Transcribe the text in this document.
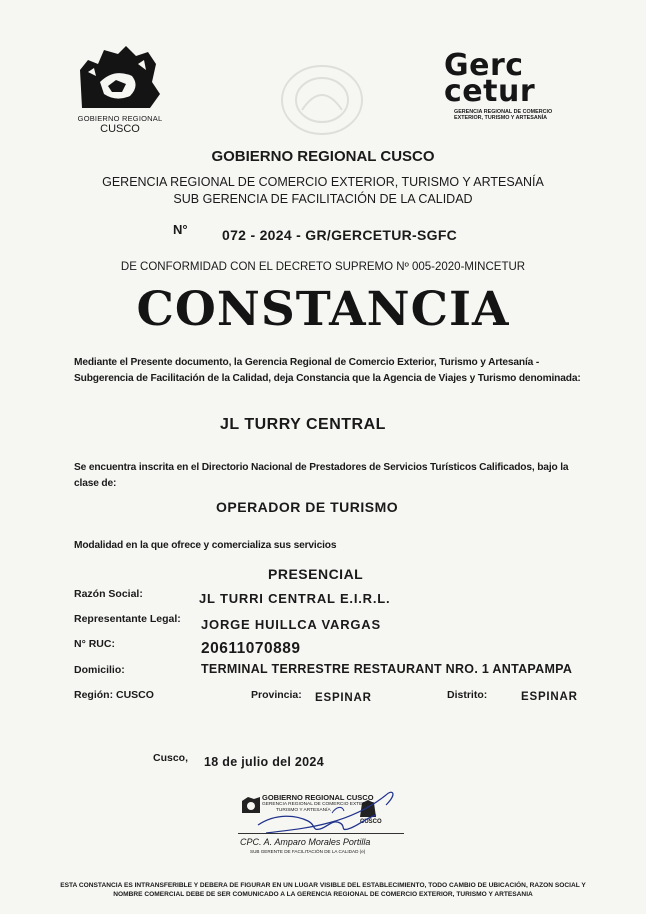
GOBIERNO REGIONAL
CUSCO
Gerc
cetur
GERENCIA REGIONAL DE COMERCIO
EXTERIOR, TURISMO Y ARTESANÍA
GOBIERNO REGIONAL CUSCO
GERENCIA REGIONAL DE COMERCIO EXTERIOR, TURISMO Y ARTESANÍA
SUB GERENCIA DE FACILITACIÓN DE LA CALIDAD
N° 072 - 2024 - GR/GERCETUR-SGFC
DE CONFORMIDAD CON EL DECRETO SUPREMO Nº 005-2020-MINCETUR
CONSTANCIA
Mediante el Presente documento, la Gerencia Regional de Comercio Exterior, Turismo y Artesanía - Subgerencia de Facilitación de la Calidad, deja Constancia que la Agencia de Viajes y Turismo denominada:
JL TURRY CENTRAL
Se encuentra inscrita en el Directorio Nacional de Prestadores de Servicios Turísticos Calificados, bajo la clase de:
OPERADOR DE TURISMO
Modalidad en la que ofrece y comercializa sus servicios
PRESENCIAL
Razón Social:	JL TURRI CENTRAL E.I.R.L.
Representante Legal: JORGE HUILLCA VARGAS
N° RUC:	20611070889
Domicilio:	TERMINAL TERRESTRE RESTAURANT NRO. 1 ANTAPAMPA
Región: CUSCO	Provincia: ESPINAR	Distrito:	ESPINAR
Cusco, 18 de julio del 2024
GOBIERNO REGIONAL CUSCO
GERENCIA REGIONAL DE COMERCIO EXTERIOR
TURISMO Y ARTESANÍA
CUSCO
CPC. A. Amparo Morales Portilla
SUB GERENTE DE FACILITACIÓN DE LA CALIDAD (e)
ESTA CONSTANCIA ES INTRANSFERIBLE Y DEBERA DE FIGURAR EN UN LUGAR VISIBLE DEL ESTABLECIMIENTO, TODO CAMBIO DE UBICACIÓN, RAZON SOCIAL Y
NOMBRE COMERCIAL DEBE DE SER COMUNICADO A LA GERENCIA REGIONAL DE COMERCIO EXTERIOR, TURISMO Y ARTESANIA
